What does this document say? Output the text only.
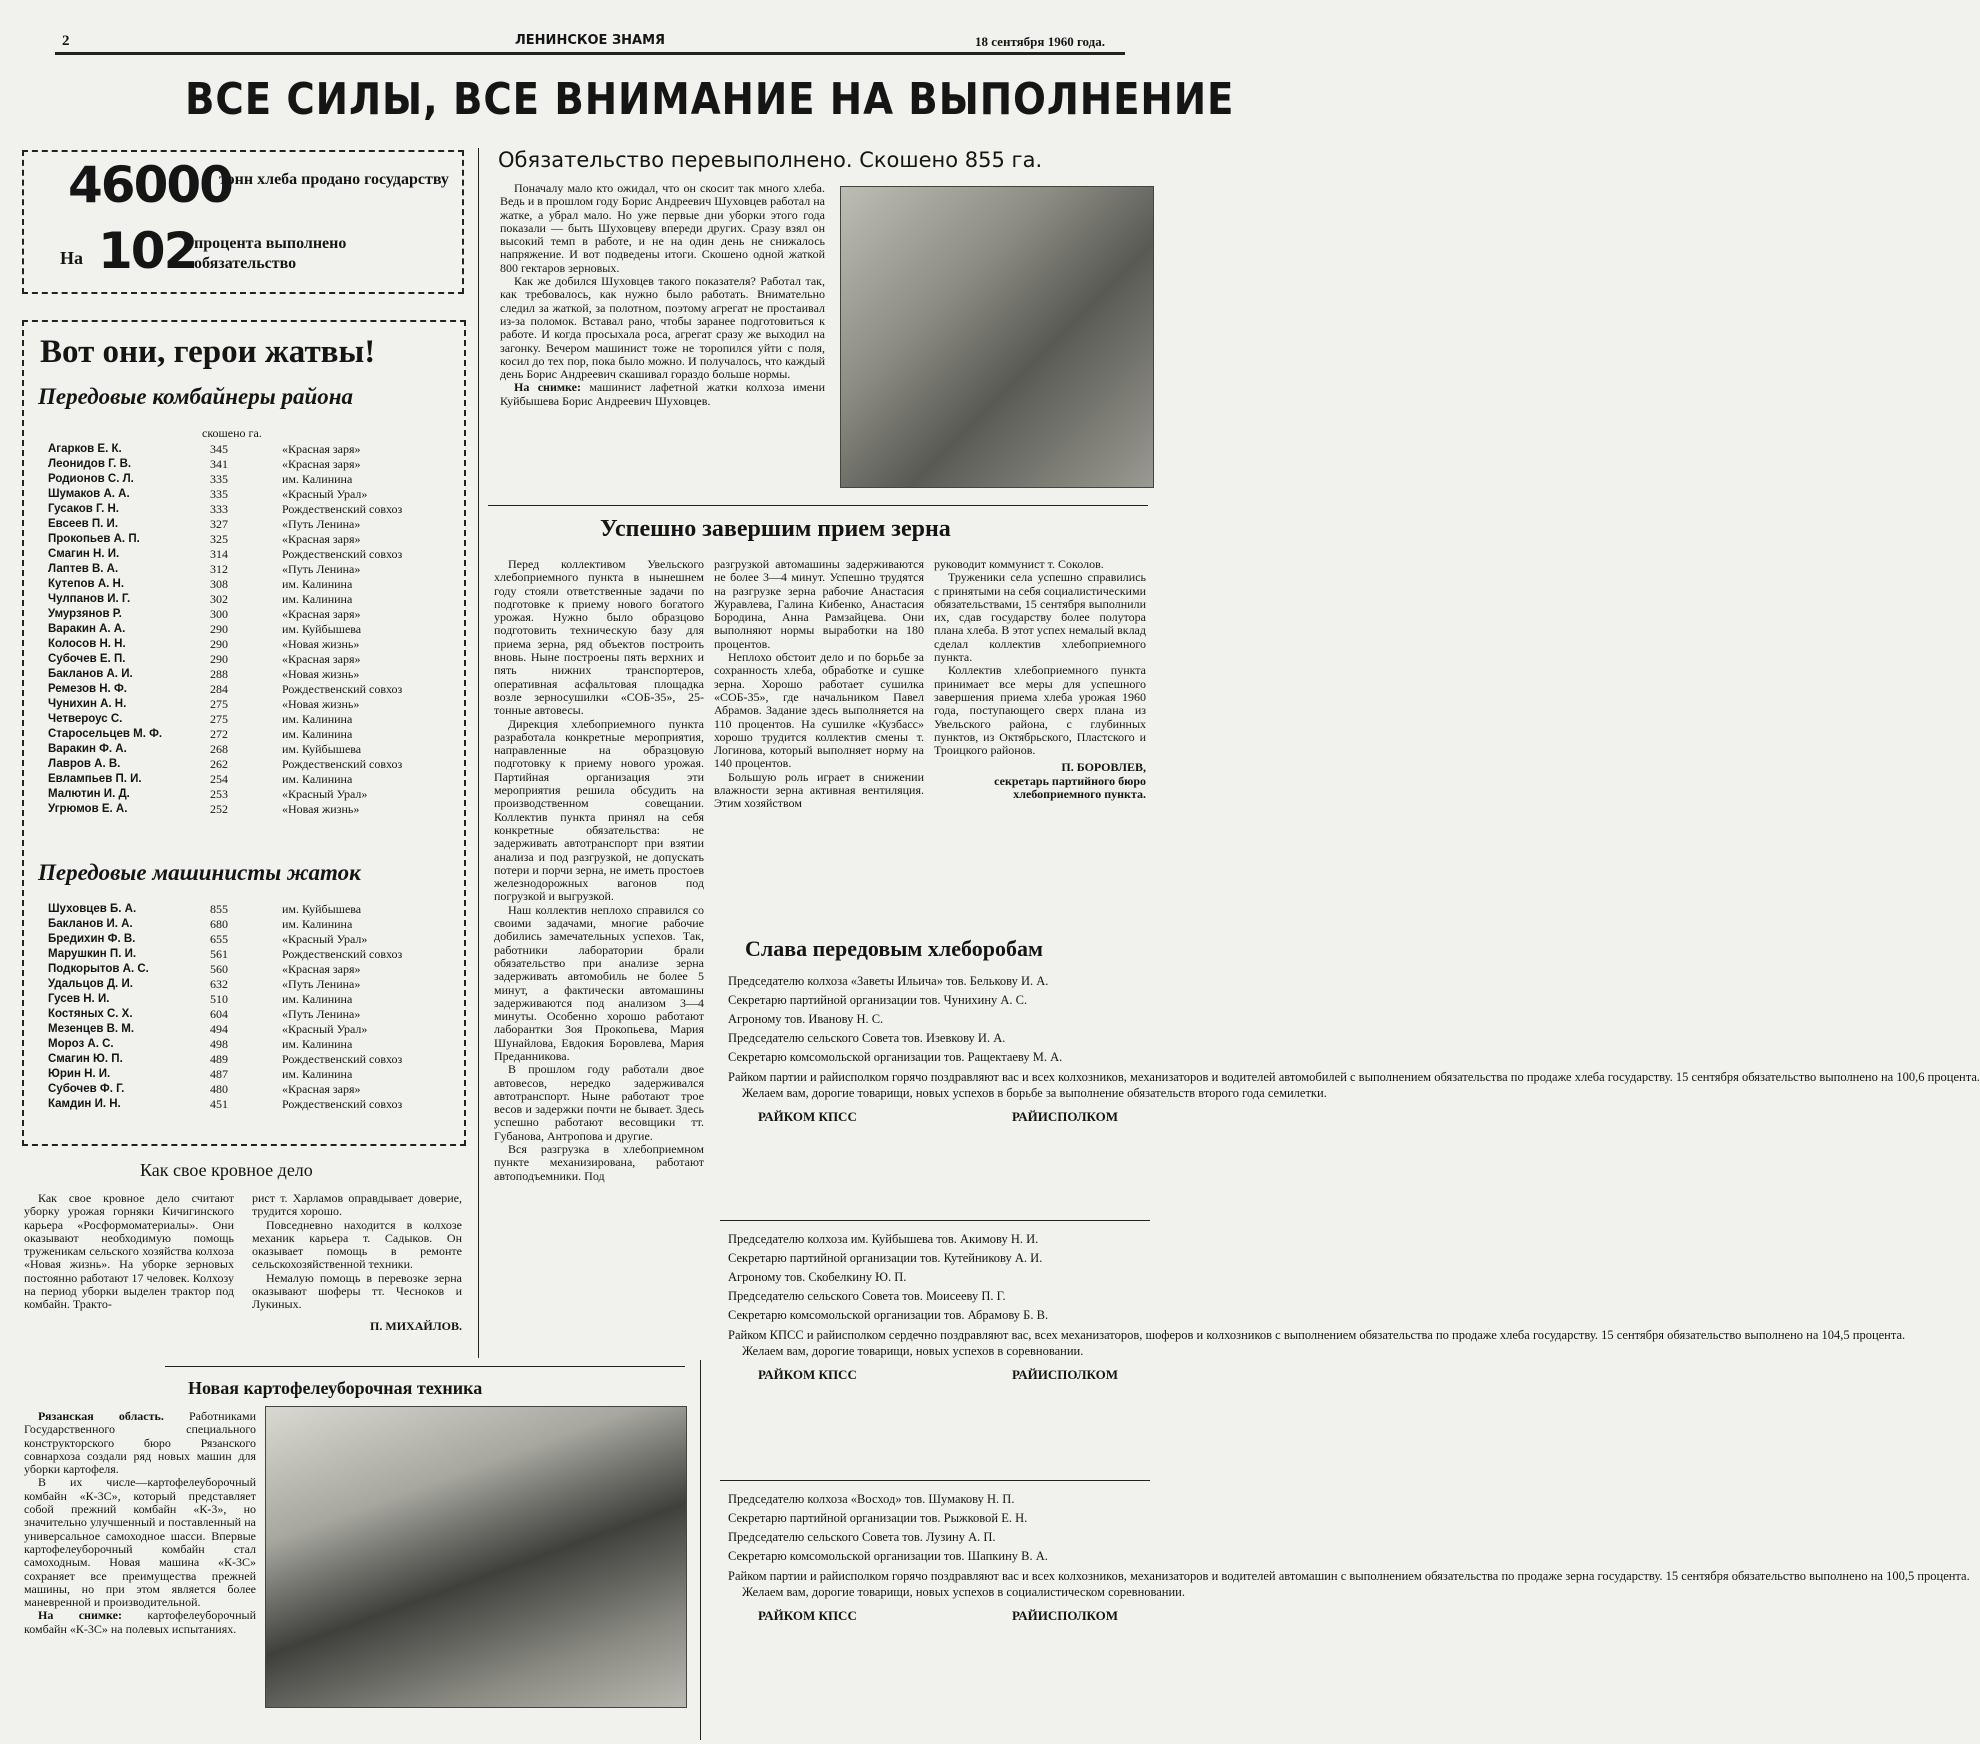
2	ЛЕНИНСКОЕ ЗНАМЯ	18 сентября 1960 года.
ВСЕ СИЛЫ, ВСЕ ВНИМАНИЕ НА ВЫПОЛНЕНИЕ
46000
тонн хлеба продано государству
На 102
процента выполнено обязательство
Вот они, герои жатвы!
Передовые комбайнеры района
скошено га.
Агарков Е. К.	345	«Красная заря»
Леонидов Г. В.	341	«Красная заря»
Родионов С. Л.	335	им. Калинина
Шумаков А. А.	335	«Красный Урал»
Гусаков Г. Н.	333	Рождественский совхоз
Евсеев П. И.	327	«Путь Ленина»
Прокопьев А. П.	325	«Красная заря»
Смагин Н. И.	314	Рождественский совхоз
Лаптев В. А.	312	«Путь Ленина»
Кутепов А. Н.	308	им. Калинина
Чулпанов И. Г.	302	им. Калинина
Умурзянов Р.	300	«Красная заря»
Варакин А. А.	290	им. Куйбышева
Колосов Н. Н.	290	«Новая жизнь»
Субочев Е. П.	290	«Красная заря»
Бакланов А. И.	288	«Новая жизнь»
Ремезов Н. Ф.	284	Рождественский совхоз
Чунихин А. Н.	275	«Новая жизнь»
Четвероус С.	275	им. Калинина
Старосельцев М. Ф.	272	им. Калинина
Варакин Ф. А.	268	им. Куйбышева
Лавров А. В.	262	Рождественский совхоз
Евлампьев П. И.	254	им. Калинина
Малютин И. Д.	253	«Красный Урал»
Угрюмов Е. А.	252	«Новая жизнь»
Передовые машинисты жаток
Шуховцев Б. А.	855	им. Куйбышева
Бакланов И. А.	680	им. Калинина
Бредихин Ф. В.	655	«Красный Урал»
Марушкин П. И.	561	Рождественский совхоз
Подкорытов А. С.	560	«Красная заря»
Удальцов Д. И.	632	«Путь Ленина»
Гусев Н. И.	510	им. Калинина
Костяных С. Х.	604	«Путь Ленина»
Мезенцев В. М.	494	«Красный Урал»
Мороз А. С.	498	им. Калинина
Смагин Ю. П.	489	Рождественский совхоз
Юрин Н. И.	487	им. Калинина
Субочев Ф. Г.	480	«Красная заря»
Камдин И. Н.	451	Рождественский совхоз
Обязательство перевыполнено. Скошено 855 га.

Поначалу мало кто ожидал, что он скосит так много хлеба. Ведь и в прошлом году Борис Андреевич Шуховцев работал на жатке, а убрал мало. Но уже первые дни уборки этого года показали — быть Шуховцеву впереди других. Сразу взял он высокий темп в работе, и не на один день не снижалось напряжение. И вот подведены итоги. Скошено одной жаткой 800 гектаров зерновых.

Как же добился Шуховцев такого показателя? Работал так, как требовалось, как нужно было работать. Внимательно следил за жаткой, за полотном, поэтому агрегат не простаивал из-за поломок. Вставал рано, чтобы заранее подготовиться к работе. И когда просыхала роса, агрегат сразу же выходил на загонку. Вечером машинист тоже не торопился уйти с поля, косил до тех пор, пока было можно. И получалось, что каждый день Борис Андреевич скашивал гораздо больше нормы.

На снимке: машинист лафетной жатки колхоза имени Куйбышева Борис Андреевич Шуховцев.

Успешно завершим прием зерна

Перед коллективом Увельского хлебоприемного пункта в нынешнем году стояли ответственные задачи по подготовке к приему нового богатого урожая. Нужно было образцово подготовить техническую базу для приема зерна, ряд объектов построить вновь. Ныне построены пять верхних и пять нижних транспортеров, оперативная асфальтовая площадка возле зерносушилки «СОБ-35», 25-тонные автовесы.

Дирекция хлебоприемного пункта разработала конкретные мероприятия, направленные на образцовую подготовку к приему нового урожая. Партийная организация эти мероприятия решила обсудить на производственном совещании. Коллектив пункта принял на себя конкретные обязательства: не задерживать автотранспорт при взятии анализа и под разгрузкой, не допускать потери и порчи зерна, не иметь простоев железнодорожных вагонов под погрузкой и выгрузкой.

Наш коллектив неплохо справился со своими задачами, многие рабочие добились замечательных успехов. Так, работники лаборатории брали обязательство при анализе зерна задерживать автомобиль не более 5 минут, а фактически автомашины задерживаются под анализом 3—4 минуты. Особенно хорошо работают лаборантки Зоя Прокопьева, Мария Шунайлова, Евдокия Боровлева, Мария Преданникова.

В прошлом году работали двое автовесов, нередко задерживался автотранспорт. Ныне работают трое весов и задержки почти не бывает. Здесь успешно работают весовщики тт. Губанова, Антропова и другие.

Вся разгрузка в хлебоприемном пункте механизирована, работают автоподъемники. Под

разгрузкой автомашины задерживаются не более 3—4 минут. Успешно трудятся на разгрузке зерна рабочие Анастасия Журавлева, Галина Кибенко, Анастасия Бородина, Анна Рамзайцева. Они выполняют нормы выработки на 180 процентов.

Неплохо обстоит дело и по борьбе за сохранность хлеба, обработке и сушке зерна. Хорошо работает сушилка «СОБ-35», где начальником Павел Абрамов. Задание здесь выполняется на 110 процентов. На сушилке «Кузбасс» хорошо трудится коллектив смены т. Логинова, который выполняет норму на 140 процентов.

Большую роль играет в снижении влажности зерна активная вентиляция. Этим хозяйством

руководит коммунист т. Соколов.

Труженики села успешно справились с принятыми на себя социалистическими обязательствами, 15 сентября выполнили их, сдав государству более полутора плана хлеба. В этот успех немалый вклад сделал коллектив хлебоприемного пункта.

Коллектив хлебоприемного пункта принимает все меры для успешного завершения приема хлеба урожая 1960 года, поступающего сверх плана из Увельского района, с глубинных пунктов, из Октябрьского, Пластского и Троицкого районов.

П. БОРОВЛЕВ,
секретарь партийного бюро хлебоприемного пункта.
Как свое кровное дело

Как свое кровное дело считают уборку урожая горняки Кичигинского карьера «Росформоматериалы». Они оказывают необходимую помощь труженикам сельского хозяйства колхоза «Новая жизнь». На уборке зерновых постоянно работают 17 человек. Колхозу на период уборки выделен трактор под комбайн. Тракто-

рист т. Харламов оправдывает доверие, трудится хорошо.

Повседневно находится в колхозе механик карьера т. Садыков. Он оказывает помощь в ремонте сельскохозяйственной техники.

Немалую помощь в перевозке зерна оказывают шоферы тт. Чесноков и Лукиных.

П. МИХАЙЛОВ.
Новая картофелеуборочная техника

Рязанская область. Работниками Государственного специального конструкторского бюро Рязанского совнархоза создали ряд новых машин для уборки картофеля.

В их числе—картофелеуборочный комбайн «К-3С», который представляет собой прежний комбайн «К-3», но значительно улучшенный и поставленный на универсальное самоходное шасси. Впервые картофелеуборочный комбайн стал самоходным. Новая машина «К-3С» сохраняет все преимущества прежней машины, но при этом является более маневренной и производительной.

На снимке: картофелеуборочный комбайн «К-3С» на полевых испытаниях.

Слава передовым хлеборобам
Председателю колхоза «Заветы Ильича» тов. Белькову И. А.
Секретарю партийной организации тов. Чунихину А. С.
Агроному тов. Иванову Н. С.
Председателю сельского Совета тов. Изевкову И. А.
Секретарю комсомольской организации тов. Ращектаеву М. А.
Райком партии и райисполком горячо поздравляют вас и всех колхозников, механизаторов и водителей автомобилей с выполнением обязательства по продаже хлеба государству. 15 сентября обязательство выполнено на 100,6 процента.
Желаем вам, дорогие товарищи, новых успехов в борьбе за выполнение обязательств второго года семилетки.
РАЙКОМ КПСС	РАЙИСПОЛКОМ
Председателю колхоза им. Куйбышева тов. Акимову Н. И.
Секретарю партийной организации тов. Кутейникову А. И.
Агроному тов. Скобелкину Ю. П.
Председателю сельского Совета тов. Моисееву П. Г.
Секретарю комсомольской организации тов. Абрамову Б. В.
Райком КПСС и райисполком сердечно поздравляют вас, всех механизаторов, шоферов и колхозников с выполнением обязательства по продаже хлеба государству. 15 сентября обязательство выполнено на 104,5 процента.
Желаем вам, дорогие товарищи, новых успехов в соревновании.
РАЙКОМ КПСС	РАЙИСПОЛКОМ
Председателю колхоза «Восход» тов. Шумакову Н. П.
Секретарю партийной организации тов. Рыжковой Е. Н.
Председателю сельского Совета тов. Лузину А. П.
Секретарю комсомольской организации тов. Шапкину В. А.
Райком партии и райисполком горячо поздравляют вас и всех колхозников, механизаторов и водителей автомашин с выполнением обязательства по продаже зерна государству. 15 сентября обязательство выполнено на 100,5 процента.
Желаем вам, дорогие товарищи, новых успехов в социалистическом соревновании.
РАЙКОМ КПСС	РАЙИСПОЛКОМ
